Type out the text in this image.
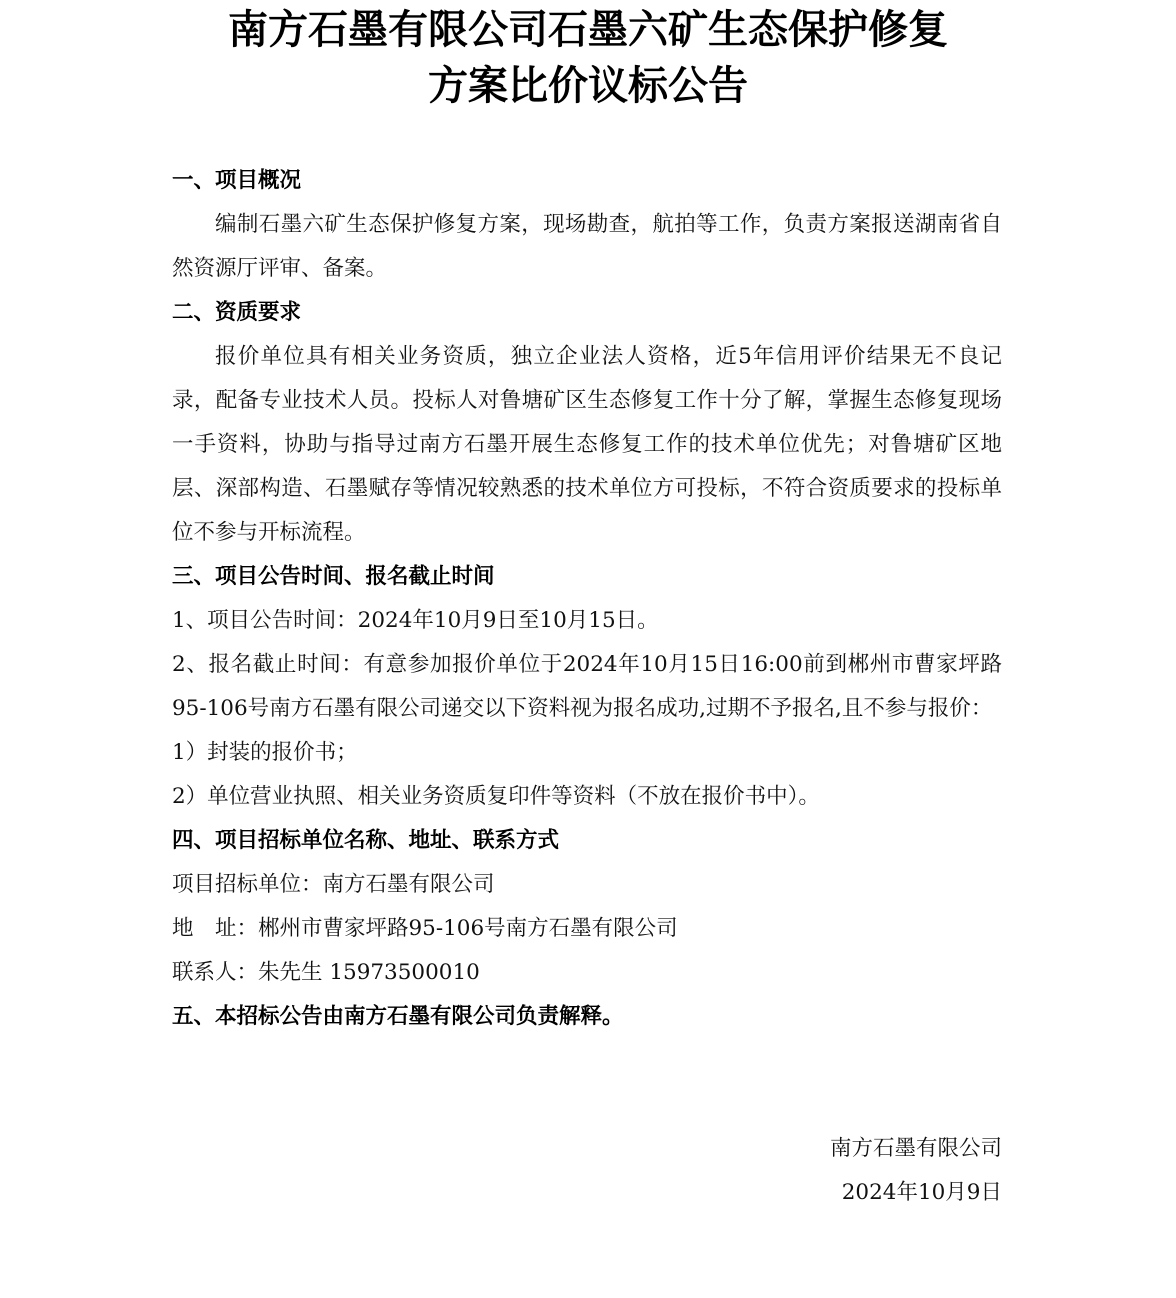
南方石墨有限公司石墨六矿生态保护修复
方案比价议标公告
一、项目概况

编制石墨六矿生态保护修复方案，现场勘查，航拍等工作，负责方案报送湖南省自然资源厅评审、备案。

二、资质要求

报价单位具有相关业务资质，独立企业法人资格，近5年信用评价结果无不良记录，配备专业技术人员。投标人对鲁塘矿区生态修复工作十分了解，掌握生态修复现场一手资料，协助与指导过南方石墨开展生态修复工作的技术单位优先；对鲁塘矿区地层、深部构造、石墨赋存等情况较熟悉的技术单位方可投标，不符合资质要求的投标单位不参与开标流程。

三、项目公告时间、报名截止时间

1、项目公告时间：2024年10月9日至10月15日。

2、报名截止时间：有意参加报价单位于2024年10月15日16:00前到郴州市曹家坪路95-106号南方石墨有限公司递交以下资料视为报名成功,过期不予报名,且不参与报价：

1）封装的报价书；

2）单位营业执照、相关业务资质复印件等资料（不放在报价书中）。

四、项目招标单位名称、地址、联系方式

项目招标单位：南方石墨有限公司

地　址：郴州市曹家坪路95-106号南方石墨有限公司

联系人：朱先生 15973500010

五、本招标公告由南方石墨有限公司负责解释。
南方石墨有限公司
2024年10月9日
